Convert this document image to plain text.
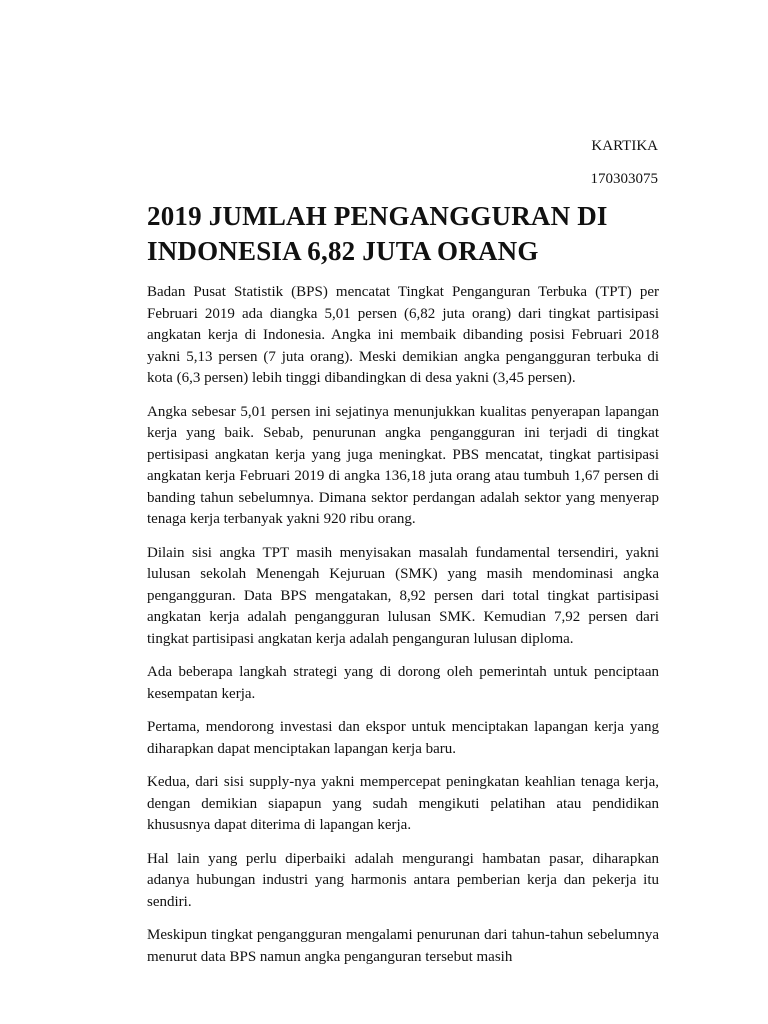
KARTIKA
170303075
2019 JUMLAH PENGANGGURAN DI INDONESIA 6,82 JUTA ORANG

Badan Pusat Statistik (BPS) mencatat Tingkat Penganguran Terbuka (TPT) per Februari 2019 ada diangka 5,01 persen (6,82 juta orang) dari tingkat partisipasi angkatan kerja di Indonesia. Angka ini membaik dibanding posisi Februari 2018 yakni 5,13 persen (7 juta orang). Meski demikian angka pengangguran terbuka di kota (6,3 persen) lebih tinggi dibandingkan di desa yakni (3,45 persen).

Angka sebesar 5,01 persen ini sejatinya menunjukkan kualitas penyerapan lapangan kerja yang baik. Sebab, penurunan angka pengangguran ini terjadi di tingkat pertisipasi angkatan kerja yang juga meningkat. PBS mencatat, tingkat partisipasi angkatan kerja Februari 2019 di angka 136,18 juta orang atau tumbuh 1,67 persen di banding tahun sebelumnya. Dimana sektor perdangan adalah sektor yang menyerap tenaga kerja terbanyak yakni 920 ribu orang.

Dilain sisi angka TPT masih menyisakan masalah fundamental tersendiri, yakni lulusan sekolah Menengah Kejuruan (SMK) yang masih mendominasi angka pengangguran. Data BPS mengatakan, 8,92 persen dari total tingkat partisipasi angkatan kerja adalah pengangguran lulusan SMK. Kemudian 7,92 persen dari tingkat partisipasi angkatan kerja adalah penganguran lulusan diploma.

Ada beberapa langkah strategi yang di dorong oleh pemerintah untuk penciptaan kesempatan kerja.

Pertama, mendorong investasi dan ekspor untuk menciptakan lapangan kerja yang diharapkan dapat menciptakan lapangan kerja baru.

Kedua, dari sisi supply-nya yakni mempercepat peningkatan keahlian tenaga kerja, dengan demikian siapapun yang sudah mengikuti pelatihan atau pendidikan khususnya dapat diterima di lapangan kerja.

Hal lain yang perlu diperbaiki adalah mengurangi hambatan pasar, diharapkan adanya hubungan industri yang harmonis antara pemberian kerja dan pekerja itu sendiri.

Meskipun tingkat pengangguran mengalami penurunan dari tahun-tahun sebelumnya menurut data BPS namun angka penganguran tersebut masih
